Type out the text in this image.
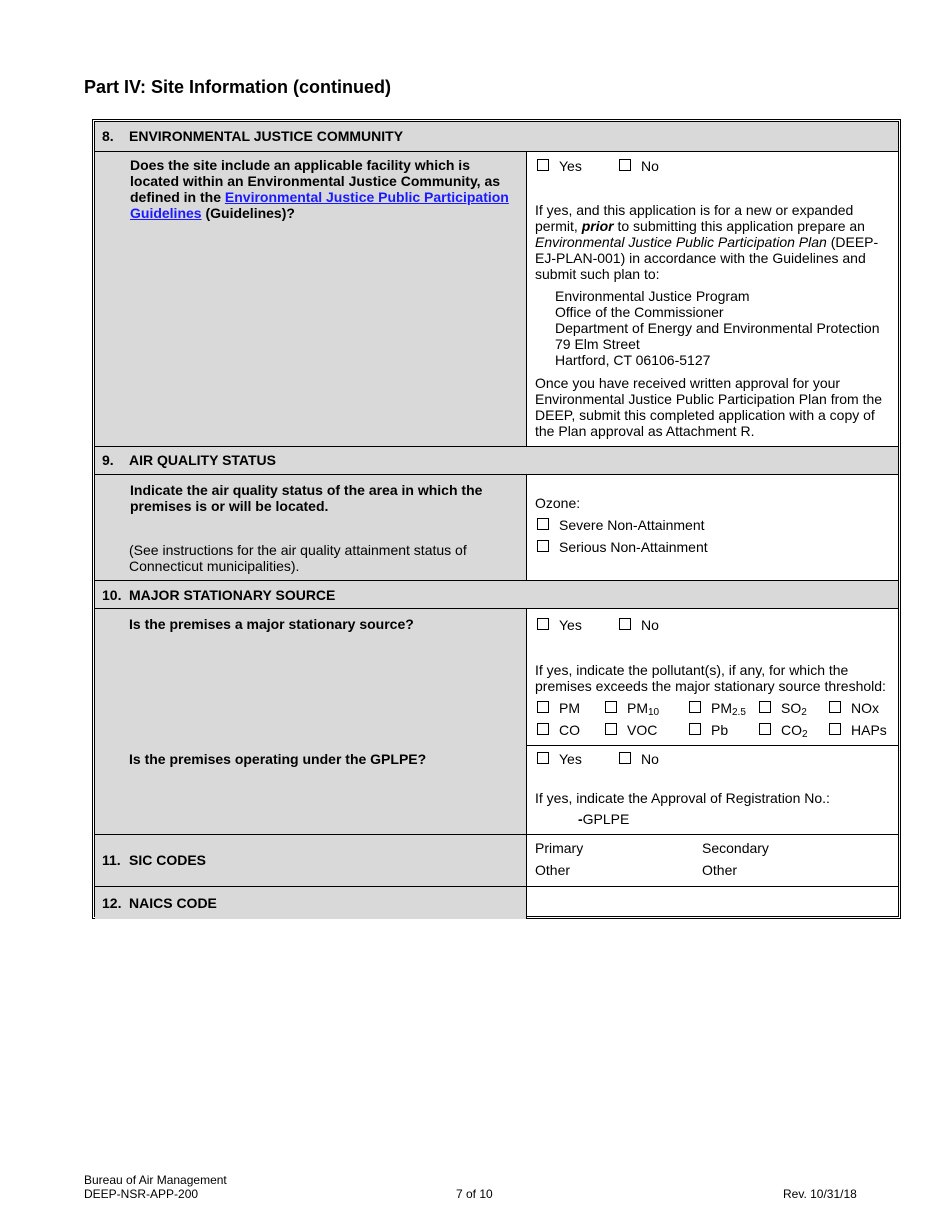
Part IV: Site Information (continued)
8. ENVIRONMENTAL JUSTICE COMMUNITY
Does the site include an applicable facility which is located within an Environmental Justice Community, as defined in the Environmental Justice Public Participation Guidelines (Guidelines)?
Yes	No
If yes, and this application is for a new or expanded permit, prior to submitting this application prepare an Environmental Justice Public Participation Plan (DEEP-EJ-PLAN-001) in accordance with the Guidelines and submit such plan to:
Environmental Justice Program
Office of the Commissioner
Department of Energy and Environmental Protection
79 Elm Street
Hartford, CT 06106-5127
Once you have received written approval for your Environmental Justice Public Participation Plan from the DEEP, submit this completed application with a copy of the Plan approval as Attachment R.
9. AIR QUALITY STATUS
Indicate the air quality status of the area in which the premises is or will be located.
(See instructions for the air quality attainment status of Connecticut municipalities).
Ozone:
Severe Non-Attainment
Serious Non-Attainment
10. MAJOR STATIONARY SOURCE
Is the premises a major stationary source?	Yes	No
If yes, indicate the pollutant(s), if any, for which the premises exceeds the major stationary source threshold:
PM	$PM_{10}$	$PM_{2.5}$	$SO_2$	NOx
CO	VOC	Pb	$CO_2$	HAPs
Is the premises operating under the GPLPE?	Yes	No
If yes, indicate the Approval of Registration No.:
-GPLPE
11. SIC CODES
Primary	Secondary
Other	Other
12. NAICS CODE
Bureau of Air Management
DEEP-NSR-APP-200	7 of 10	Rev. 10/31/18
